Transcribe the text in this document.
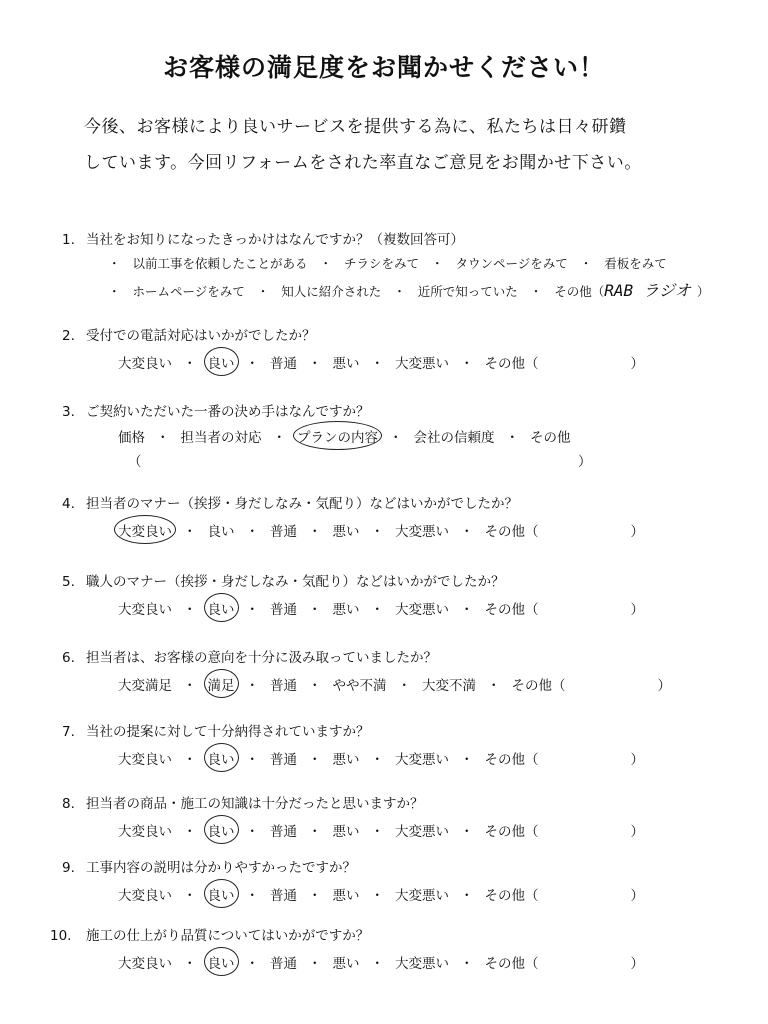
お客様の満足度をお聞かせください！
今後、お客様により良いサービスを提供する為に、私たちは日々研鑽
しています。今回リフォームをされた率直なご意見をお聞かせ下さい。
1. 当社をお知りになったきっかけはなんですか？（複数回答可）
・ 以前工事を依頼したことがある ・ チラシをみて ・ タウンページをみて ・ 看板をみて
・ ホームページをみて ・ 知人に紹介された ・ 近所で知っていた ・ その他（RAB ラジオ ）
2. 受付での電話対応はいかがでしたか？
大変良い ・ 良い ・ 普通 ・ 悪い ・ 大変悪い ・ その他（	）
3. ご契約いただいた一番の決め手はなんですか？
価格 ・ 担当者の対応 ・ プランの内容 ・ 会社の信頼度 ・ その他
（	）
4. 担当者のマナー（挨拶・身だしなみ・気配り）などはいかがでしたか？
大変良い ・ 良い ・ 普通 ・ 悪い ・ 大変悪い ・ その他（	）
5. 職人のマナー（挨拶・身だしなみ・気配り）などはいかがでしたか？
大変良い ・ 良い ・ 普通 ・ 悪い ・ 大変悪い ・ その他（	）
6. 担当者は、お客様の意向を十分に汲み取っていましたか？
大変満足 ・ 満足 ・ 普通 ・ やや不満 ・ 大変不満 ・ その他（	）
7. 当社の提案に対して十分納得されていますか？
大変良い ・ 良い ・ 普通 ・ 悪い ・ 大変悪い ・ その他（	）
8. 担当者の商品・施工の知識は十分だったと思いますか？
大変良い ・ 良い ・ 普通 ・ 悪い ・ 大変悪い ・ その他（	）
9. 工事内容の説明は分かりやすかったですか？
大変良い ・ 良い ・ 普通 ・ 悪い ・ 大変悪い ・ その他（	）
10. 施工の仕上がり品質についてはいかがですか？
大変良い ・ 良い ・ 普通 ・ 悪い ・ 大変悪い ・ その他（	）
